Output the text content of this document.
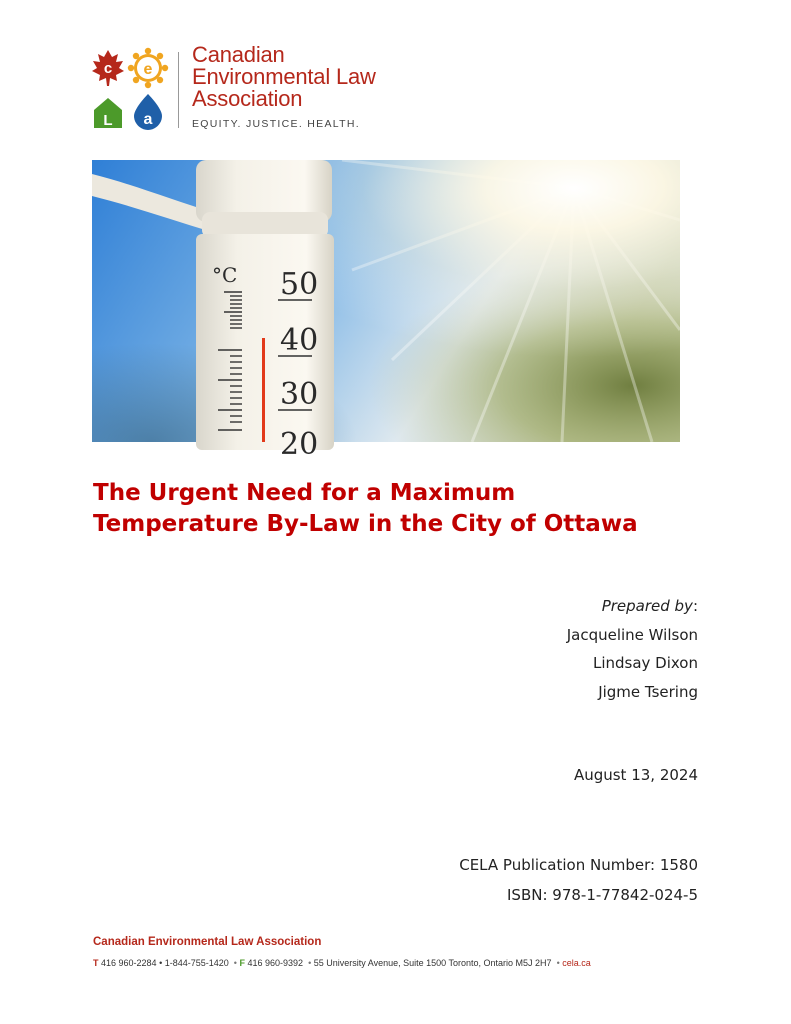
c e
L a
Canadian
Environmental Law
Association
EQUITY. JUSTICE. HEALTH.
°C 50
40
30
20
The Urgent Need for a Maximum
Temperature By-Law in the City of Ottawa
Prepared by:
Jacqueline Wilson
Lindsay Dixon
Jigme Tsering
August 13, 2024
CELA Publication Number: 1580
ISBN: 978-1-77842-024-5
Canadian Environmental Law Association
T 416 960-2284 • 1-844-755-1420 • F 416 960-9392 • 55 University Avenue, Suite 1500 Toronto, Ontario M5J 2H7 • cela.ca
